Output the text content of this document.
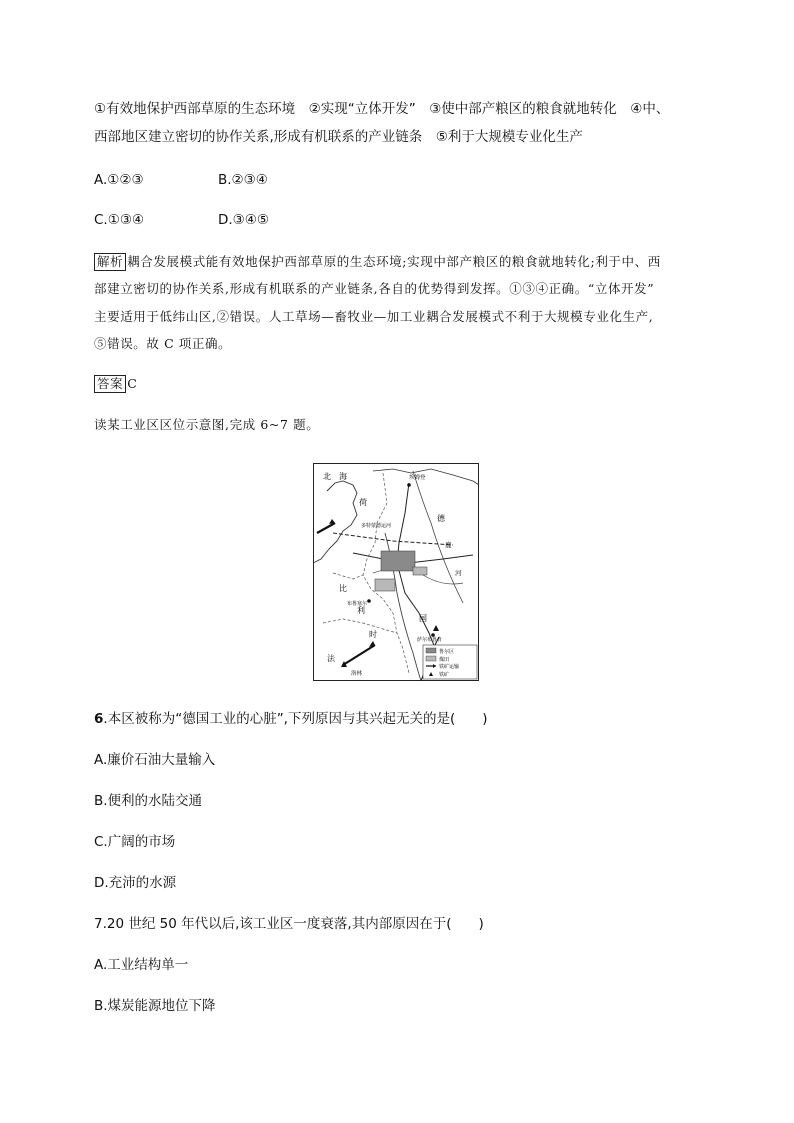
①有效地保护西部草原的生态环境　②实现“立体开发”　③使中部产粮区的粮食就地转化　④中、
西部地区建立密切的协作关系,形成有机联系的产业链条　⑤利于大规模专业化生产
A.①②③	B.②③④
C.①③④	D.③④⑤
解析 耦合发展模式能有效地保护西部草原的生态环境;实现中部产粮区的粮食就地转化;利于中、西
部建立密切的协作关系,形成有机联系的产业链条,各自的优势得到发挥。①③④正确。“立体开发”
主要适用于低纬山区,②错误。人工草场—畜牧业—加工业耦合发展模式不利于大规模专业化生产,
⑤错误。故 C 项正确。
答案 C
读某工业区区位示意图,完成 6~7 题。
北　海	埃姆登
荷
德
多特蒙德运河
鹿
河
比
利
时
国
法
布鲁塞尔
萨尔布鲁肯
洛林
鲁尔区
煤田
铁矿运输
铁矿
6.本区被称为“德国工业的心脏”,下列原因与其兴起无关的是(　　)
A.廉价石油大量输入
B.便利的水陆交通
C.广阔的市场
D.充沛的水源
7.20 世纪 50 年代以后,该工业区一度衰落,其内部原因在于(　　)
A.工业结构单一
B.煤炭能源地位下降
